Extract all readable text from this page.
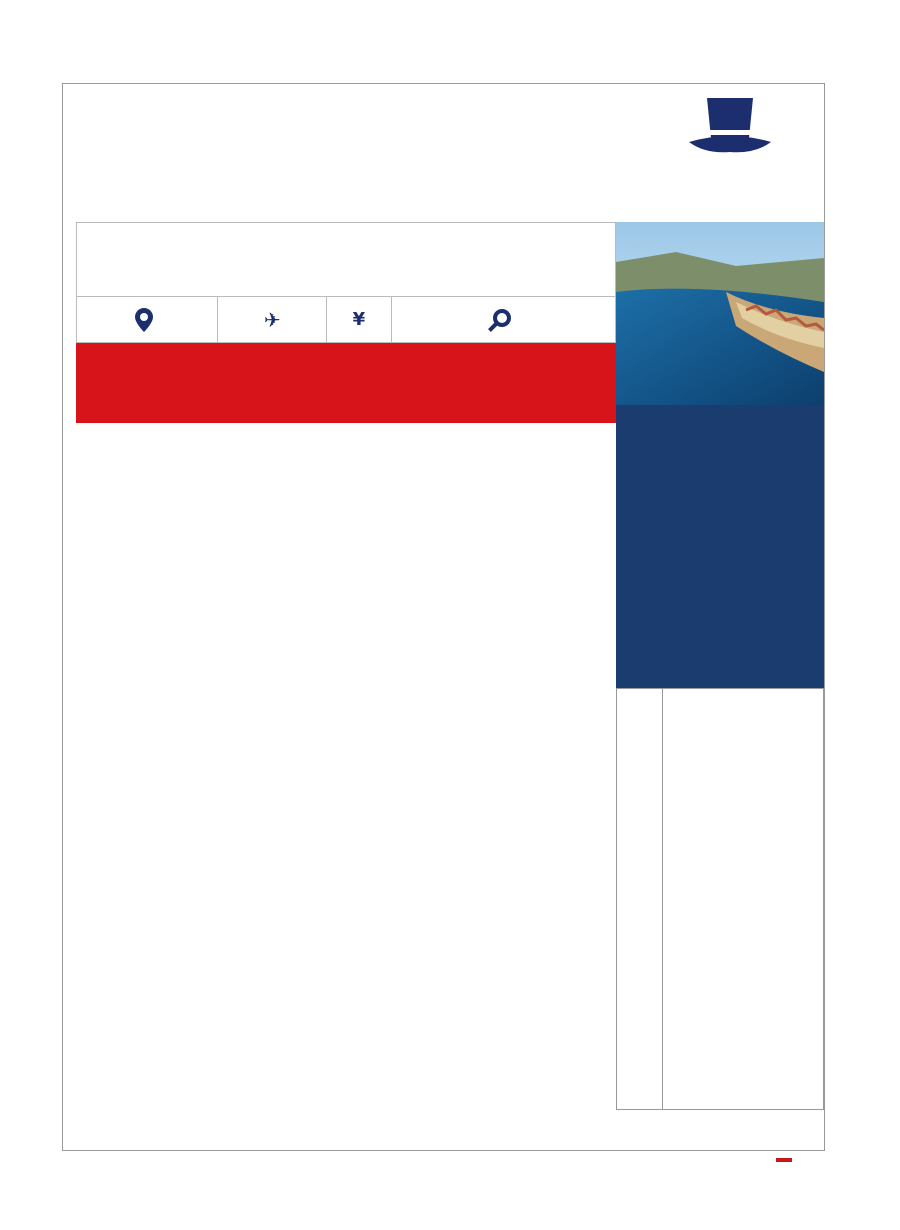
✈	¥
